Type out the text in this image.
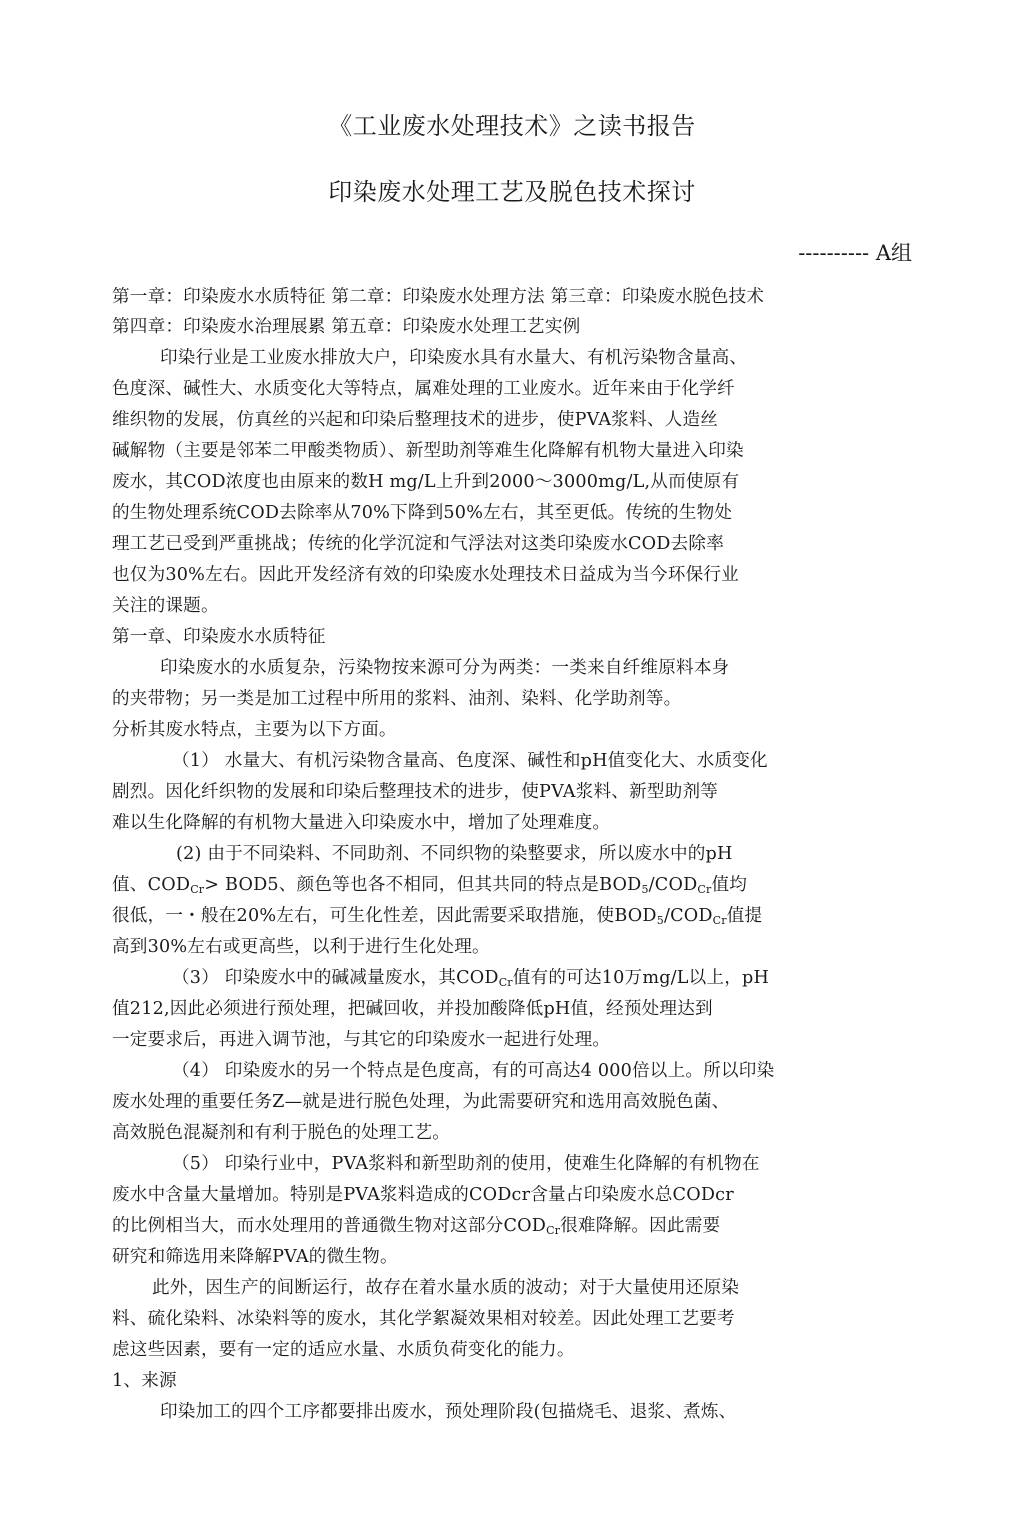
《工业废水处理技术》之读书报告
印染废水处理工艺及脱色技术探讨
---------- A组
第一章：印染废水水质特征 第二章：印染废水处理方法 第三章：印染废水脱色技术
第四章：印染废水治理展累 第五章：印染废水处理工艺实例
印染行业是工业废水排放大户，印染废水具有水量大、有机污染物含量高、
色度深、碱性大、水质变化大等特点，属难处理的工业废水。近年来由于化学纤
维织物的发展，仿真丝的兴起和印染后整理技术的进步，使PVA浆料、人造丝
碱解物（主要是邻苯二甲酸类物质）、新型助剂等难生化降解有机物大量进入印染
废水，其COD浓度也由原来的数H mg/L上升到2000～3000mg/L,从而使原有
的生物处理系统COD去除率从70%下降到50%左右，其至更低。传统的生物处
理工艺已受到严重挑战；传统的化学沉淀和气浮法对这类印染废水COD去除率
也仅为30%左右。因此开发经济有效的印染废水处理技术日益成为当今环保行业
关注的课题。
第一章、印染废水水质特征
印染废水的水质复杂，污染物按来源可分为两类：一类来自纤维原料本身
的夹带物；另一类是加工过程中所用的浆料、油剂、染料、化学助剂等。
分析其废水特点，主要为以下方面。
（1） 水量大、有机污染物含量高、色度深、碱性和pH值变化大、水质变化
剧烈。因化纤织物的发展和印染后整理技术的进步，使PVA浆料、新型助剂等
难以生化降解的有机物大量进入印染废水中，增加了处理难度。
(2) 由于不同染料、不同助剂、不同织物的染整要求，所以废水中的pH
值、$COD_{Cr}> BOD5$、颜色等也各不相同，但其共同的特点是$BOD_5/COD_{Cr}$值均
很低，一・般在20%左右，可生化性差，因此需要采取措施，使$BOD_5/COD_{Cr}$值提
高到30%左右或更高些，以利于进行生化处理。
（3） 印染废水中的碱减量废水，其$COD_{Cr}$值有的可达10万mg/L以上，pH
值212,因此必须进行预处理，把碱回收，并投加酸降低pH值，经预处理达到
一定要求后，再进入调节池，与其它的印染废水一起进行处理。
（4） 印染废水的另一个特点是色度高，有的可高达4 000倍以上。所以印染
废水处理的重要任务Z—就是进行脱色处理，为此需要研究和选用高效脱色菌、
高效脱色混凝剂和有利于脱色的处理工艺。
（5） 印染行业中，PVA浆料和新型助剂的使用，使难生化降解的有机物在
废水中含量大量增加。特别是PVA浆料造成的CODcr含量占印染废水总CODcr
的比例相当大，而水处理用的普通微生物对这部分$COD_{Cr}$很难降解。因此需要
研究和筛选用来降解PVA的微生物。
此外，因生产的间断运行，故存在着水量水质的波动；对于大量使用还原染
料、硫化染料、冰染料等的废水，其化学絮凝效果相对较差。因此处理工艺要考
虑这些因素，要有一定的适应水量、水质负荷变化的能力。
1、来源
印染加工的四个工序都要排出废水，预处理阶段(包描烧毛、退浆、煮炼、
